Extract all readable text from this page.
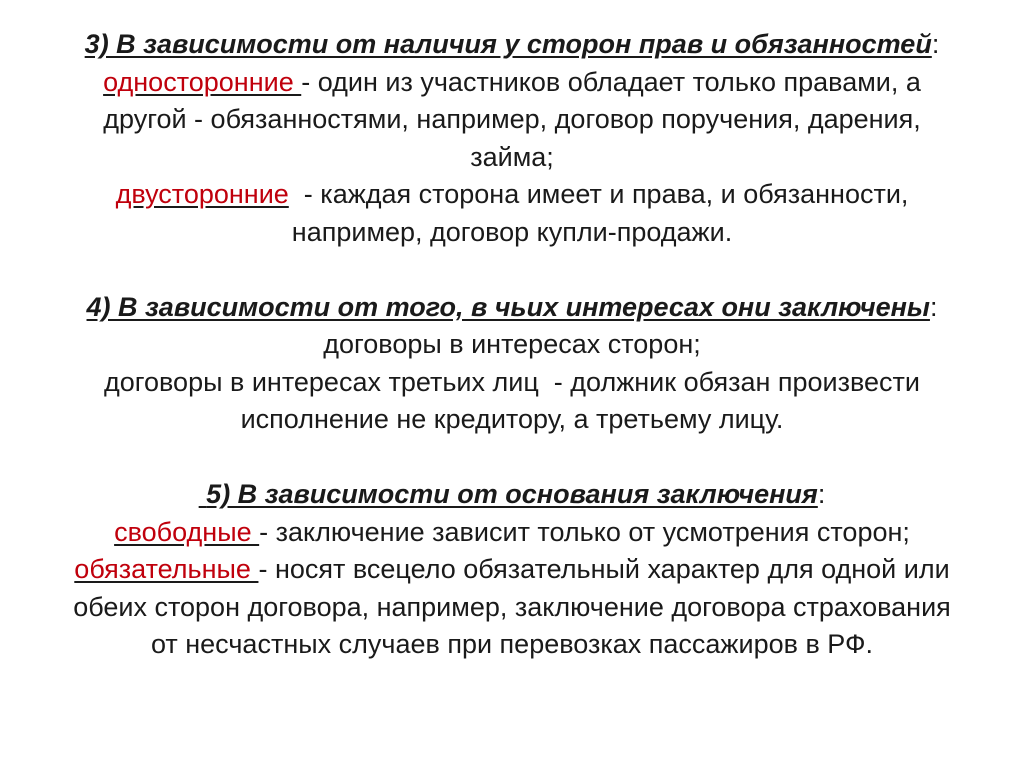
3) В зависимости от наличия у сторон прав и обязанностей:

односторонние - один из участников обладает только правами, а другой - обязанностями, например, договор поручения, дарения, займа;

двусторонние  - каждая сторона имеет и права, и обязанности, например, договор купли-продажи.

4) В зависимости от того, в чьих интересах они заключены:

договоры в интересах сторон;

договоры в интересах третьих лиц  - должник обязан произвести исполнение не кредитору, а третьему лицу.

5) В зависимости от основания заключения:

свободные - заключение зависит только от усмотрения сторон;

обязательные - носят всецело обязательный характер для одной или обеих сторон договора, например, заключение договора страхования от несчастных случаев при перевозках пассажиров в РФ.
